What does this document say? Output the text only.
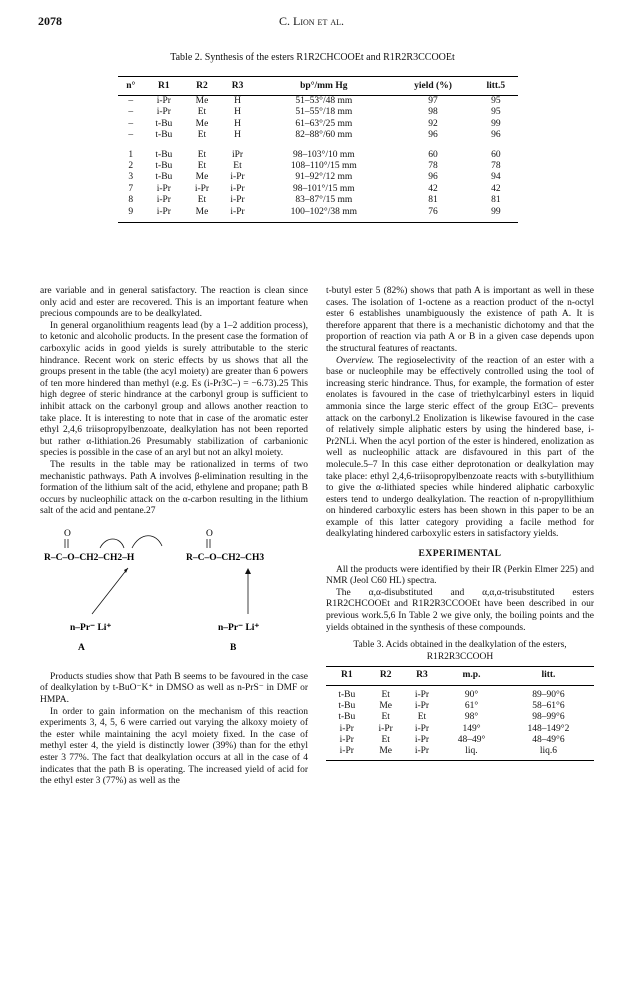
2078	C. Lion et al.
Table 2. Synthesis of the esters R1R2CHCOOEt and R1R2R3CCOOEt
n°	R1	R2	R3	bp°/mm Hg	yield (%)	litt.5
–	i-Pr	Me	H	51–53°/48 mm	97	95
–	i-Pr	Et	H	51–55°/18 mm	98	95
–	t-Bu	Me	H	61–63°/25 mm	92	99
–	t-Bu	Et	H	82–88°/60 mm	96	96
1	t-Bu	Et	iPr	98–103°/10 mm	60	60
2	t-Bu	Et	Et	108–110°/15 mm	78	78
3	t-Bu	Me	i-Pr	91–92°/12 mm	96	94
7	i-Pr	i-Pr	i-Pr	98–101°/15 mm	42	42
8	i-Pr	Et	i-Pr	83–87°/15 mm	81	81
9	i-Pr	Me	i-Pr	100–102°/38 mm	76	99

are variable and in general satisfactory. The reaction is clean since only acid and ester are recovered. This is an important feature when precious compounds are to be dealkylated.

In general organolithium reagents lead (by a 1–2 addition process), to ketonic and alcoholic products. In the present case the formation of carboxylic acids in good yields is surely attributable to the steric hindrance. Recent work on steric effects by us shows that all the groups present in the table (the acyl moiety) are greater than 6 powers of ten more hindered than methyl (e.g. Es (i-Pr3C–) = −6.73).25 This high degree of steric hindrance at the carbonyl group is sufficient to inhibit attack on the carbonyl group and allows another reaction to take place. It is interesting to note that in case of the aromatic ester ethyl 2,4,6 triisopropylbenzoate, dealkylation has not been reported but rather α-lithiation.26 Presumably stabilization of carbanionic species is possible in the case of an aryl but not an alkyl moiety.

The results in the table may be rationalized in terms of two mechanistic pathways. Path A involves β-elimination resulting in the formation of the lithium salt of the acid, ethylene and propane; path B occurs by nucleophilic attack on the α-carbon resulting in the lithium salt of the acid and pentane.27

O
R–C–O–CH2–CH2–H
n–Pr⁻ Li⁺
A
O
R–C–O–CH2–CH3
n–Pr⁻ Li⁺
B

Products studies show that Path B seems to be favoured in the case of dealkylation by t-BuO⁻K⁺ in DMSO as well as n-PrS⁻ in DMF or HMPA.

In order to gain information on the mechanism of this reaction experiments 3, 4, 5, 6 were carried out varying the alkoxy moiety of the ester while maintaining the acyl moiety fixed. In the case of methyl ester 4, the yield is distinctly lower (39%) than for the ethyl ester 3 77%. The fact that dealkylation occurs at all in the case of 4 indicates that the path B is operating. The increased yield of acid for the ethyl ester 3 (77%) as well as the

t-butyl ester 5 (82%) shows that path A is important as well in these cases. The isolation of 1-octene as a reaction product of the n-octyl ester 6 establishes unambiguously the existence of path A. It is therefore apparent that there is a mechanistic dichotomy and that the proportion of reaction via path A or B in a given case depends upon the structural features of reactants.

Overview. The regioselectivity of the reaction of an ester with a base or nucleophile may be effectively controlled using the tool of increasing steric hindrance. Thus, for example, the formation of ester enolates is favoured in the case of triethylcarbinyl esters in liquid ammonia since the large steric effect of the group Et3C– prevents attack on the carbonyl.2 Enolization is likewise favoured in the case of relatively simple aliphatic esters by using the hindered base, i-Pr2NLi. When the acyl portion of the ester is hindered, enolization as well as nucleophilic attack are disfavoured in this part of the molecule.5–7 In this case either deprotonation or dealkylation may take place: ethyl 2,4,6-triisopropylbenzoate reacts with s-butyllithium to give the α-lithiated species while hindered aliphatic carboxylic esters tend to undergo dealkylation. The reaction of n-propyllithium on hindered carboxylic esters has been shown in this paper to be an example of this latter category providing a facile method for dealkylating hindered carboxylic esters in satisfactory yields.

EXPERIMENTAL

All the products were identified by their IR (Perkin Elmer 225) and NMR (Jeol C60 HL) spectra.

The α,α-disubstituted and α,α,α-trisubstituted esters R1R2CHCOOEt and R1R2R3CCOOEt have been described in our previous work.5,6 In Table 2 we give only, the boiling points and the yields obtained in the synthesis of these compounds.

Table 3. Acids obtained in the dealkylation of the esters,
R1R2R3CCOOH
R1	R2	R3	m.p.	litt.
t-Bu	Et	i-Pr	90°	89–90°6
t-Bu	Me	i-Pr	61°	58–61°6
t-Bu	Et	Et	98°	98–99°6
i-Pr	i-Pr	i-Pr	149°	148–149°2
i-Pr	Et	i-Pr	48–49°	48–49°6
i-Pr	Me	i-Pr	liq.	liq.6
